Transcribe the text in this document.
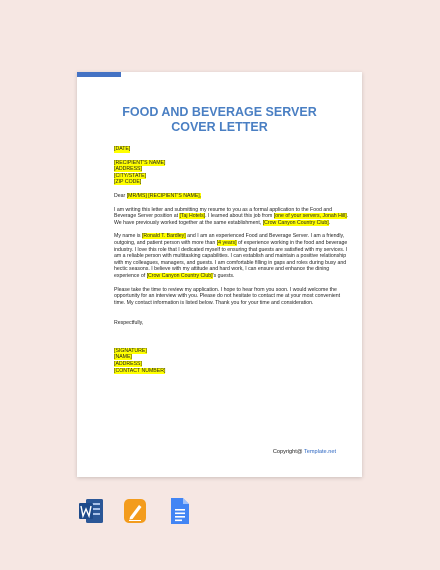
FOOD AND BEVERAGE SERVER
COVER LETTER
[DATE]
[RECIPIENT'S NAME]
[ADDRESS]
[CITY/STATE]
[ZIP CODE]

Dear [MR/MS] [RECIPIENT'S NAME],

I am writing this letter and submitting my resume to you as a formal application to the Food and Beverage Server position at [Taj Hotels]. I learned about this job from [one of your servers, Jonah Hill]. We have previously worked together at the same establishment, [Crow Canyon Country Club].

My name is [Ronald T. Bardley] and I am an experienced Food and Beverage Server. I am a friendly, outgoing, and patient person with more than [4 years] of experience working in the food and beverage industry. I love this role that I dedicated myself to ensuring that guests are satisfied with my services. I am a reliable person with multitasking capabilities. I can establish and maintain a positive relationship with my colleagues, managers, and guests. I am comfortable filling in gaps and roles during busy and hectic seasons. I believe with my attitude and hard work, I can ensure and enhance the dining experience of [Crow Canyon Country Club]'s guests.

Please take the time to review my application. I hope to hear from you soon. I would welcome the opportunity for an interview with you. Please do not hesitate to contact me at your most convenient time. My contact information is listed below. Thank you for your time and consideration.

Respectfully,

[SIGNATURE]
[NAME]
[ADDRESS]
[CONTACT NUMBER]
Copyright@ Template.net
